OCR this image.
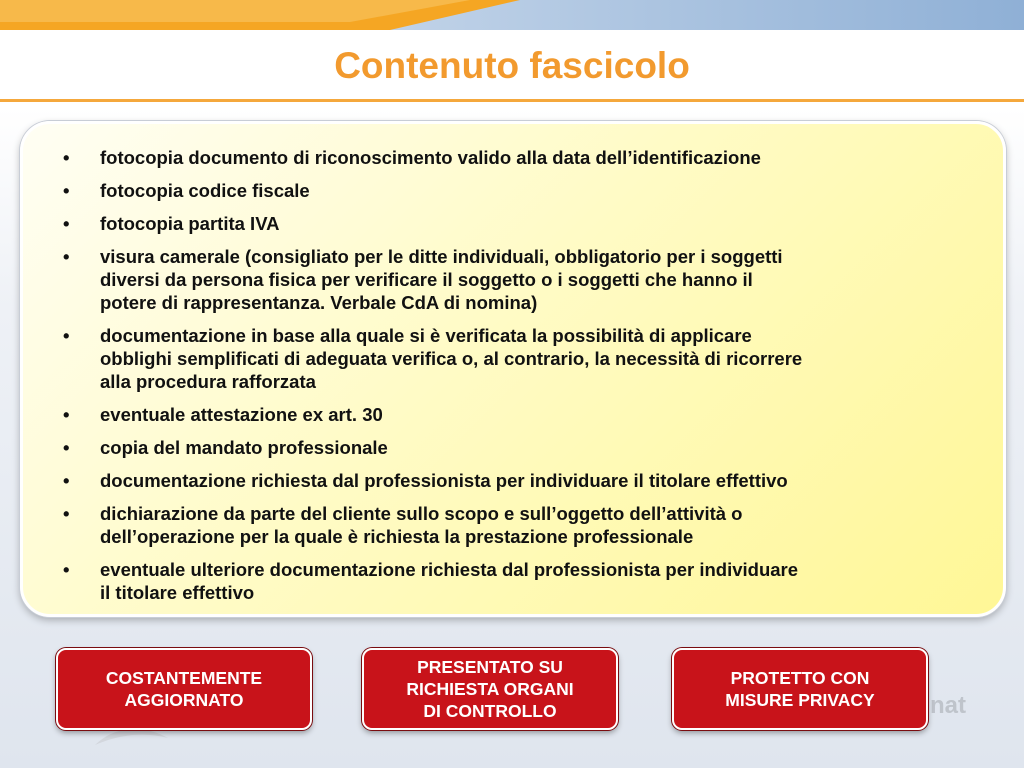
Contenuto fascicolo
• fotocopia documento di riconoscimento valido alla data dell’identificazione
• fotocopia codice fiscale
• fotocopia partita IVA
• visura camerale (consigliato per le ditte individuali, obbligatorio per i soggetti
diversi da persona fisica per verificare il soggetto o i soggetti che hanno il
potere di rappresentanza. Verbale CdA di nomina)
• documentazione in base alla quale si è verificata la possibilità di applicare
obblighi semplificati di adeguata verifica o, al contrario, la necessità di ricorrere
alla procedura rafforzata
• eventuale attestazione ex art. 30
• copia del mandato professionale
• documentazione richiesta dal professionista per individuare il titolare effettivo
• dichiarazione da parte del cliente sullo scopo e sull’oggetto dell’attività o
dell’operazione per la quale è richiesta la prestazione professionale
• eventuale ulteriore documentazione richiesta dal professionista per individuare
il titolare effettivo
nat
COSTANTEMENTE
AGGIORNATO
PRESENTATO SU
RICHIESTA ORGANI
DI CONTROLLO
PROTETTO CON
MISURE PRIVACY
